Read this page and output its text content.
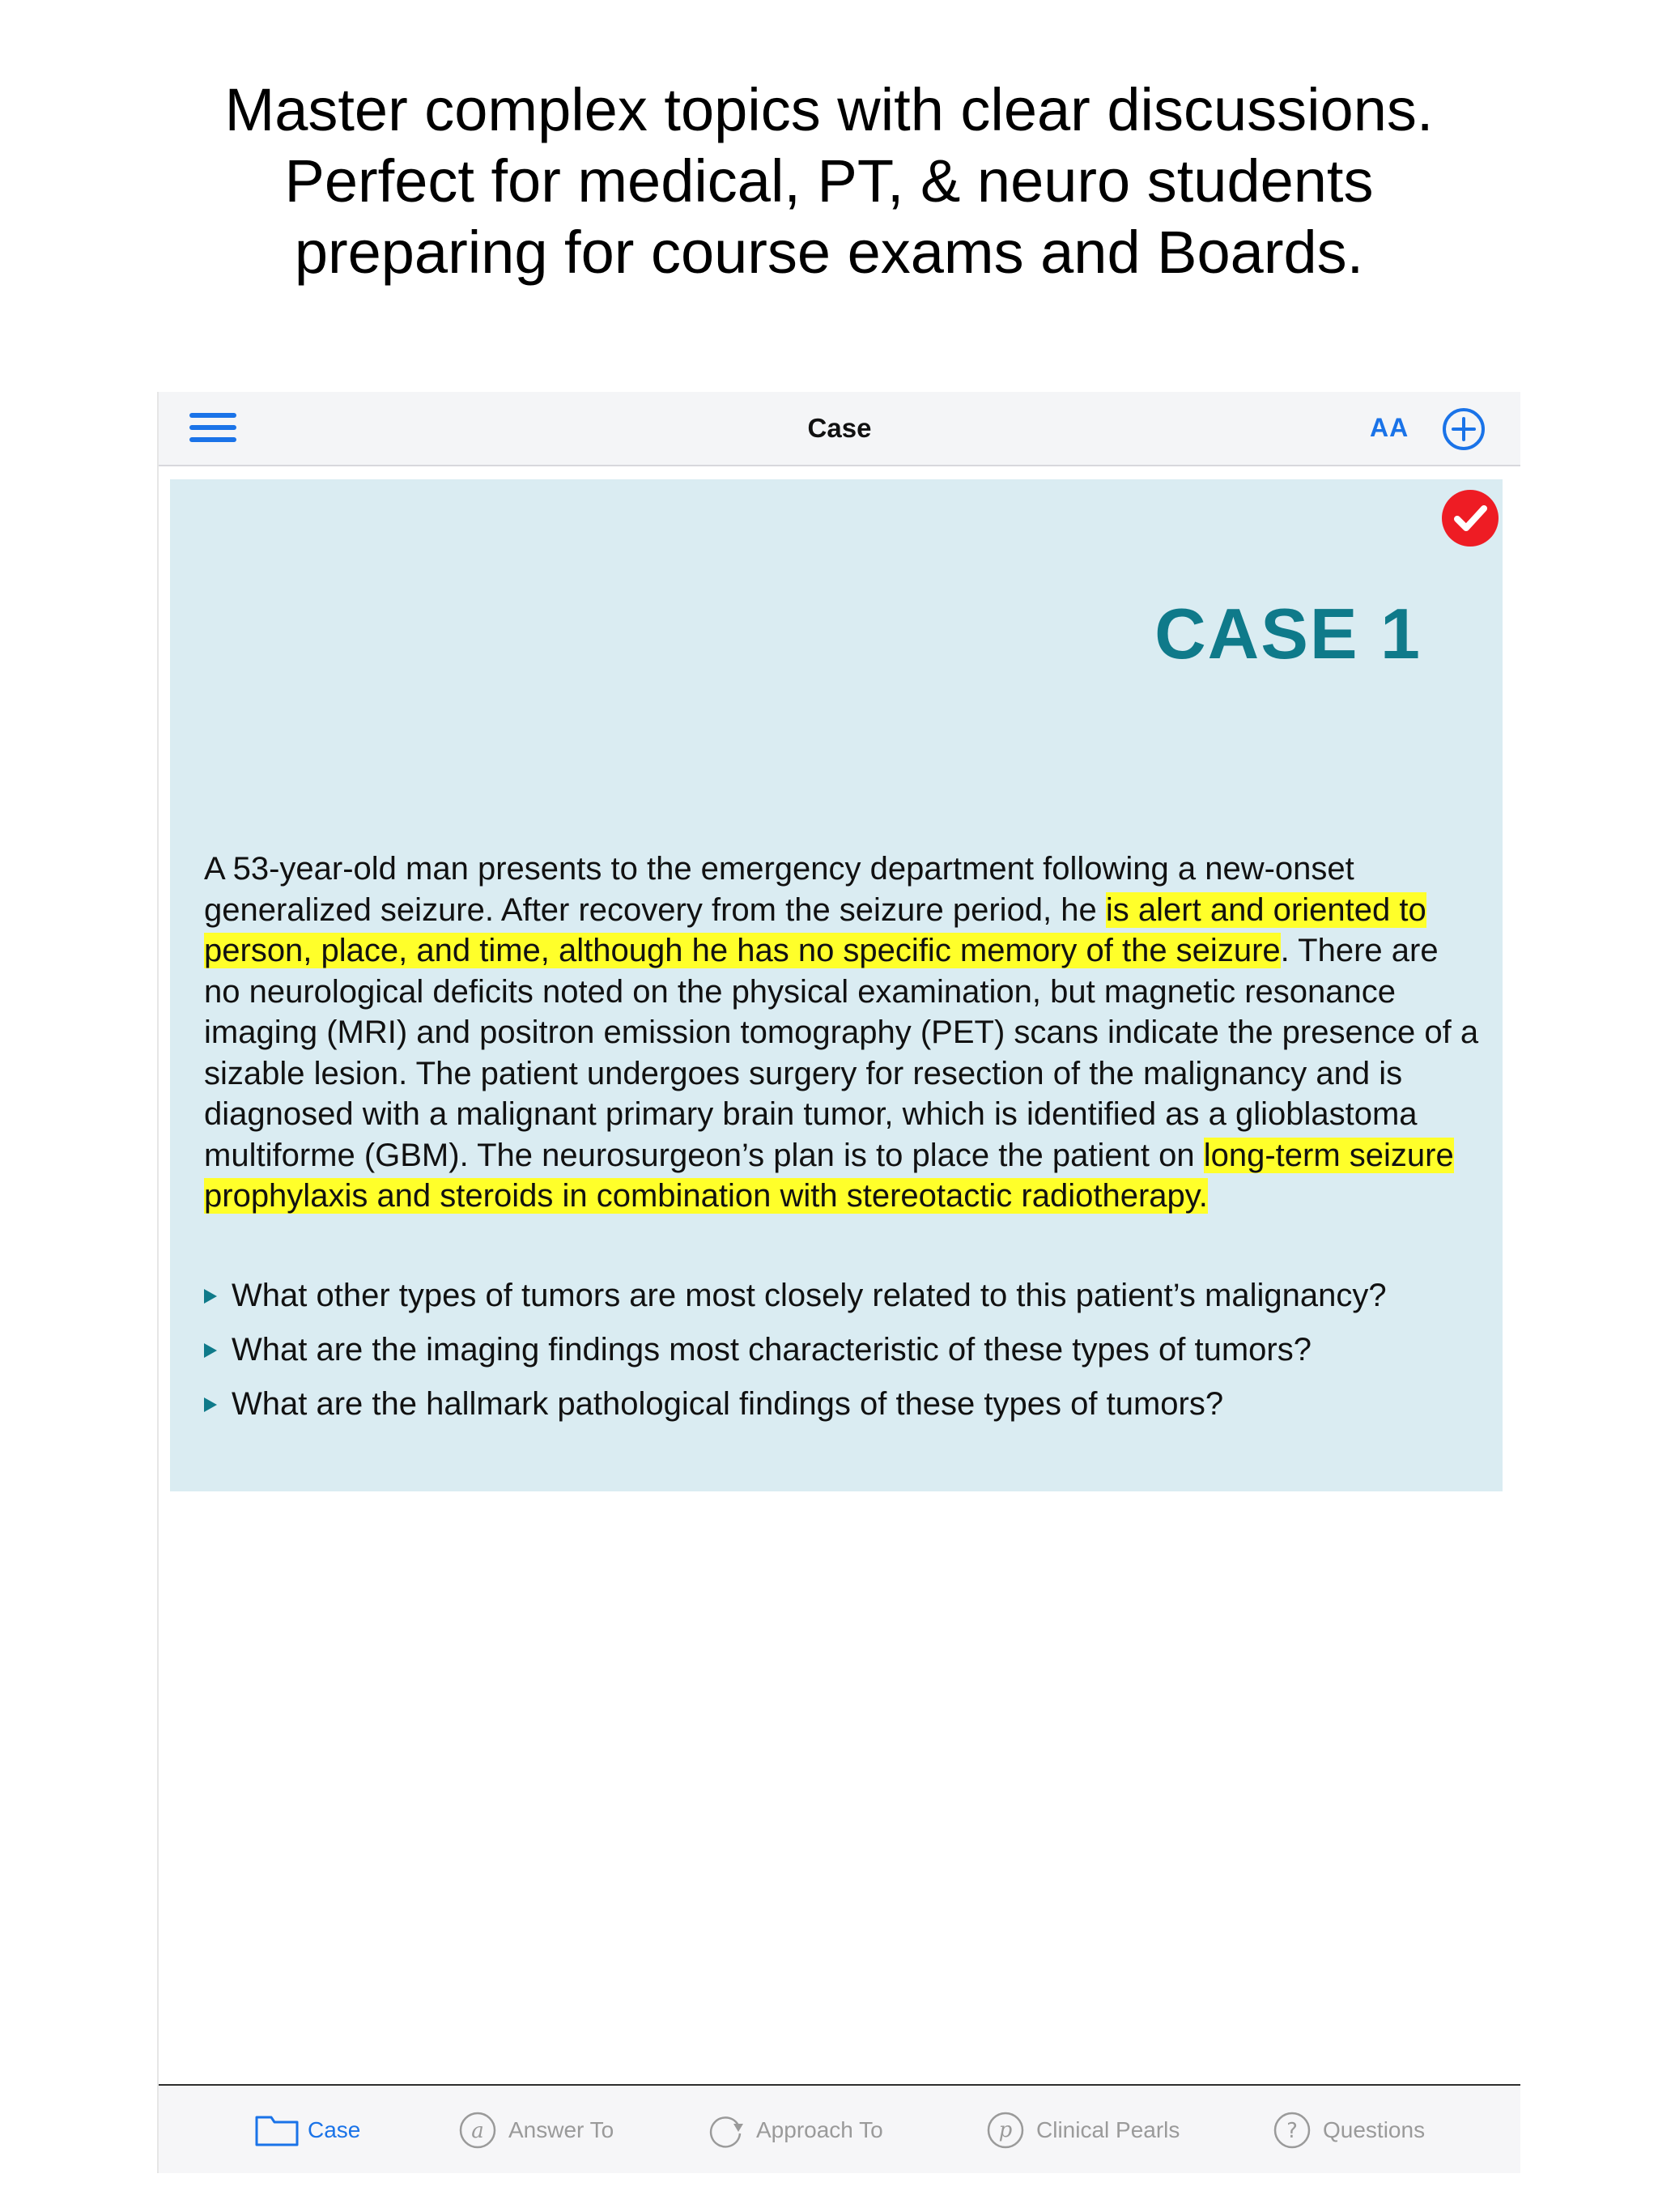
Master complex topics with clear discussions.
Perfect for medical, PT, & neuro students
preparing for course exams and Boards.
Case	AA
CASE 1
A 53-year-old man presents to the emergency department following a new-onset generalized seizure. After recovery from the seizure period, he is alert and oriented to person, place, and time, although he has no specific memory of the seizure. There are no neurological deficits noted on the physical examination, but magnetic resonance imaging (MRI) and positron emission tomography (PET) scans indicate the presence of a sizable lesion. The patient undergoes surgery for resection of the malignancy and is diagnosed with a malignant primary brain tumor, which is identified as a glioblastoma multiforme (GBM). The neurosurgeon’s plan is to place the patient on long-term seizure prophylaxis and steroids in combination with stereotactic radiotherapy.
What other types of tumors are most closely related to this patient’s malignancy?
What are the imaging findings most characteristic of these types of tumors?
What are the hallmark pathological findings of these types of tumors?
Case	a Answer To	Approach To	p Clinical Pearls	? Questions
